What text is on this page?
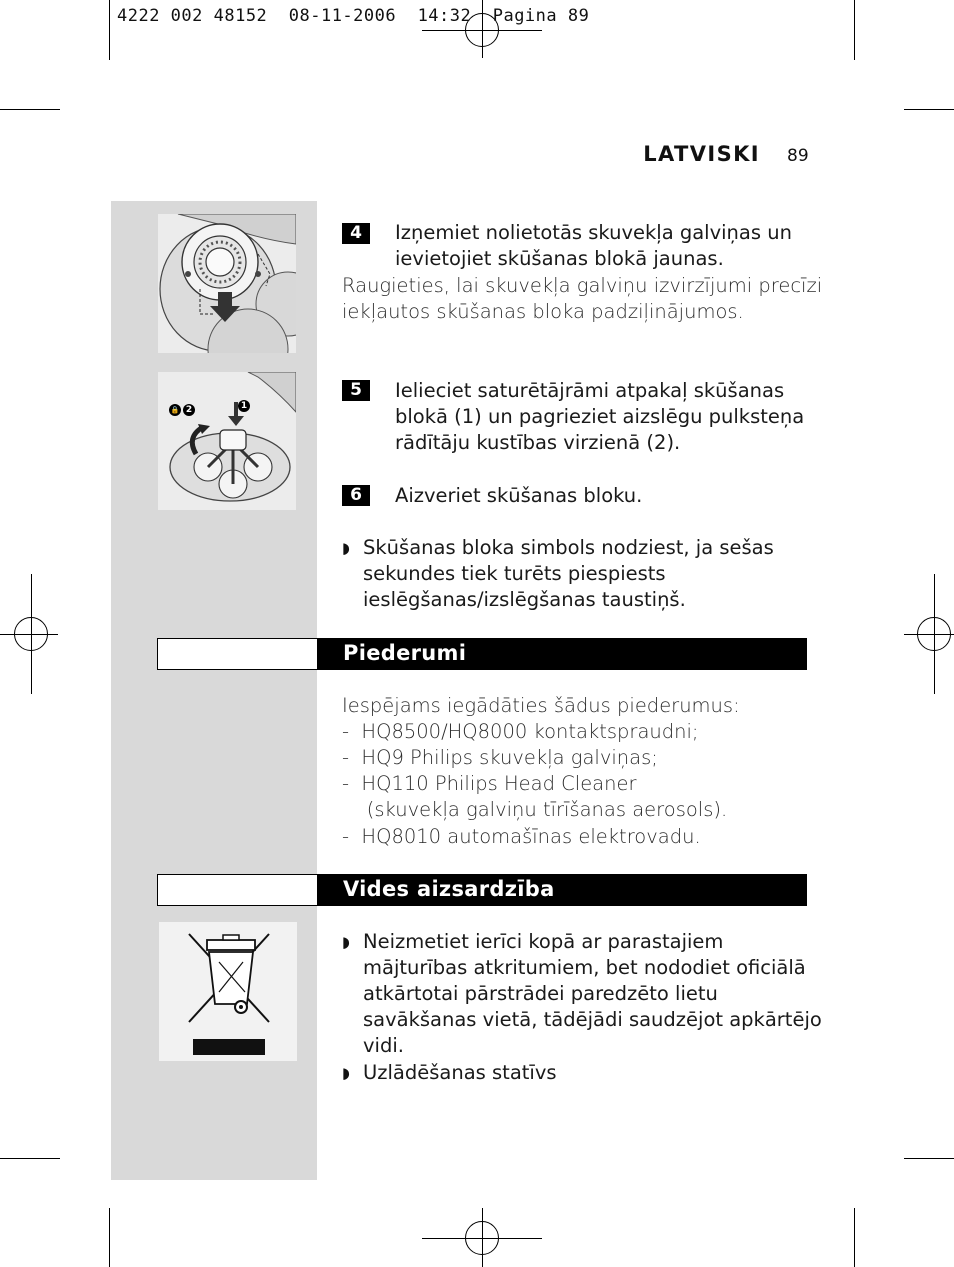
4222 002 48152  08-11-2006  14:32  Pagina 89
LATVISKI 89
🔒 2	1
4	Izņemiet nolietotās skuvekļa galviņas un
ievietojiet skūšanas blokā jaunas.
Raugieties, lai skuvekļa galviņu izvirzījumi precīzi
iekļautos skūšanas bloka padziļinājumos.
5	Ielieciet saturētājrāmi atpakaļ skūšanas
blokā (1) un pagrieziet aizslēgu pulksteņa
rādītāju kustības virzienā (2).
6	Aizveriet skūšanas bloku.
◗ Skūšanas bloka simbols nodziest, ja sešas
sekundes tiek turēts piespiests
ieslēgšanas/izslēgšanas taustiņš.
Piederumi
Iespējams iegādāties šādus piederumus:
-  HQ8500/HQ8000 kontaktspraudni;
-  HQ9 Philips skuvekļa galviņas;
-  HQ110 Philips Head Cleaner
(skuvekļa galviņu tīrīšanas aerosols).
-  HQ8010 automašīnas elektrovadu.
Vides aizsardzība
◗ Neizmetiet ierīci kopā ar parastajiem
mājturības atkritumiem, bet nododiet oficiālā
atkārtotai pārstrādei paredzēto lietu
savākšanas vietā, tādējādi saudzējot apkārtējo
vidi.
◗ Uzlādēšanas statīvs
